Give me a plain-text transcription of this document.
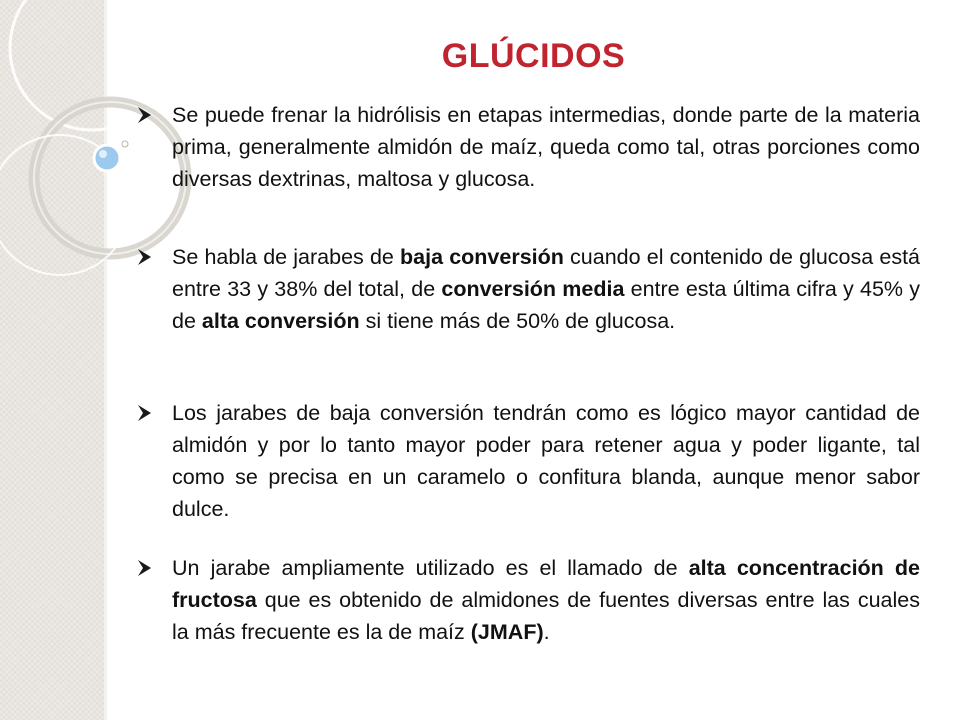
GLÚCIDOS
Se puede frenar la hidrólisis en etapas intermedias, donde parte de la materia prima, generalmente almidón de maíz, queda como tal, otras porciones como diversas dextrinas, maltosa y glucosa.
Se habla de jarabes de baja conversión cuando el contenido de glucosa está entre 33 y 38% del total, de conversión media entre esta última cifra y 45% y de alta conversión si tiene más de 50% de glucosa.
Los jarabes de baja conversión tendrán como es lógico mayor cantidad de almidón y por lo tanto mayor poder para retener agua y poder ligante, tal como se precisa en un caramelo o confitura blanda, aunque menor sabor dulce.
Un jarabe ampliamente utilizado es el llamado de alta concentración de fructosa que es obtenido de almidones de fuentes diversas entre las cuales la más frecuente es la de maíz (JMAF).
